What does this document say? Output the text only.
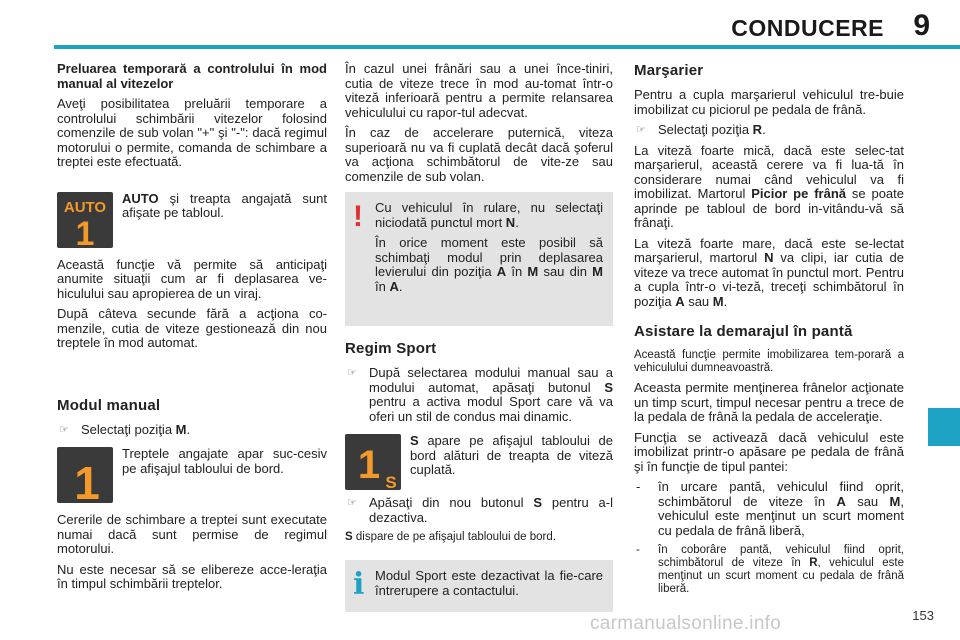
CONDUCERE 9
Preluarea temporară a controlului în mod manual al vitezelor

Aveţi posibilitatea preluării temporare a controlului schimbării vitezelor folosind comenzile de sub volan "+" şi "-": dacă regimul motorului o permite, comanda de schimbare a treptei este efectuată.

AUTO
1
AUTO şi treapta angajată sunt afişate pe tabloul.

Această funcţie vă permite să anticipaţi anumite situaţii cum ar fi deplasarea ve-hiculului sau apropierea de un viraj.

După câteva secunde fără a acţiona co-menzile, cutia de viteze gestionează din nou treptele în mod automat.

Modul manual
☞ Selectaţi poziţia M.
1
Treptele angajate apar suc-cesiv pe afişajul tabloului de bord.

Cererile de schimbare a treptei sunt executate numai dacă sunt permise de regimul motorului.

Nu este necesar să se elibereze acce-leraţia în timpul schimbării treptelor.

În cazul unei frânări sau a unei înce-tiniri, cutia de viteze trece în mod au-tomat într-o viteză inferioară pentru a permite relansarea vehiculului cu rapor-tul adecvat.

În caz de accelerare puternică, viteza superioară nu va fi cuplată decât dacă şoferul va acţiona schimbătorul de vite-ze sau comenzile de sub volan.

! Cu vehiculul în rulare, nu selectaţi niciodată punctul mort N.

În orice moment este posibil să schimbaţi modul prin deplasarea levierului din poziţia A în M sau din M în A.

Regim Sport
☞ După selectarea modului manual sau a modului automat, apăsaţi butonul S pentru a activa modul Sport care vă va oferi un stil de condus mai dinamic.
1 S
S apare pe afişajul tabloului de bord alături de treapta de viteză cuplată.
☞ Apăsaţi din nou butonul S pentru a-l dezactiva.

S dispare de pe afişajul tabloului de bord.

i Modul Sport este dezactivat la fie-care întrerupere a contactului.

Marşarier

Pentru a cupla marşarierul vehiculul tre-buie imobilizat cu piciorul pe pedala de frână.

☞ Selectaţi poziţia R.

La viteză foarte mică, dacă este selec-tat marşarierul, această cerere va fi lua-tă în considerare numai când vehiculul va fi imobilizat. Martorul Picior pe frână se poate aprinde pe tabloul de bord in-vitându-vă să frânaţi.

La viteză foarte mare, dacă este se-lectat marşarierul, martorul N va clipi, iar cutia de viteze va trece automat în punctul mort. Pentru a cupla într-o vi-teză, treceţi schimbătorul în poziţia A sau M.

Asistare la demarajul în pantă

Această funcţie permite imobilizarea tem-porară a vehiculului dumneavoastră.

Aceasta permite menţinerea frânelor acţionate un timp scurt, timpul necesar pentru a trece de la pedala de frână la pedala de acceleraţie.

Funcţia se activează dacă vehiculul este imobilizat printr-o apăsare pe pedala de frână şi în funcţie de tipul pantei:

- în urcare pantă, vehiculul fiind oprit, schimbătorul de viteze în A sau M, vehiculul este menţinut un scurt moment cu pedala de frână liberă,
- în coborâre pantă, vehiculul fiind oprit, schimbătorul de viteze în R, vehiculul este menţinut un scurt moment cu pedala de frână liberă.
153
carmanualsonline.info
